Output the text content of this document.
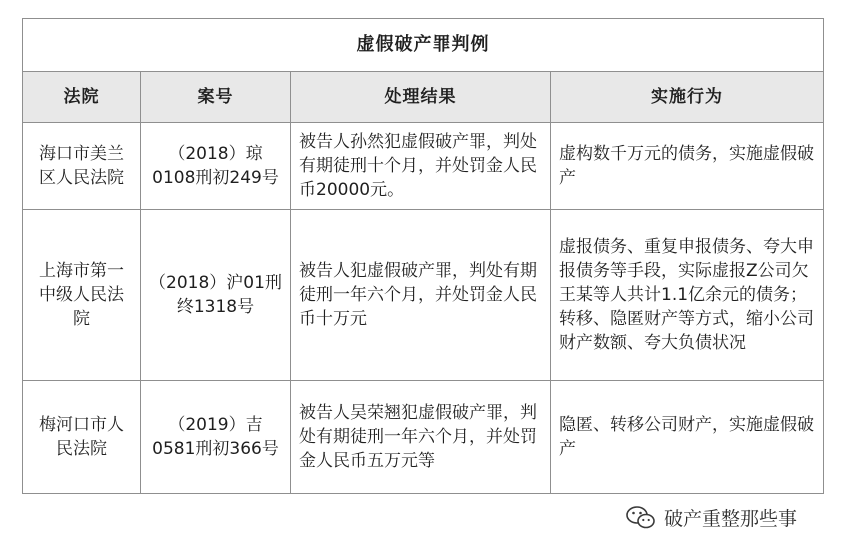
虚假破产罪判例			
法院	案号	处理结果	实施行为
海口市美兰区人民法院	（2018）琼0108刑初249号	被告人孙然犯虚假破产罪，判处有期徒刑十个月，并处罚金人民币20000元。	虚构数千万元的债务，实施虚假破产
上海市第一中级人民法院	（2018）沪01刑终1318号	被告人犯虚假破产罪，判处有期徒刑一年六个月，并处罚金人民币十万元	虚报债务、重复申报债务、夸大申报债务等手段，实际虚报Z公司欠王某等人共计1.1亿余元的债务；转移、隐匿财产等方式，缩小公司财产数额、夸大负债状况
梅河口市人民法院	（2019）吉0581刑初366号	被告人吴荣翘犯虚假破产罪，判处有期徒刑一年六个月，并处罚金人民币五万元等	隐匿、转移公司财产，实施虚假破产
破产重整那些事
